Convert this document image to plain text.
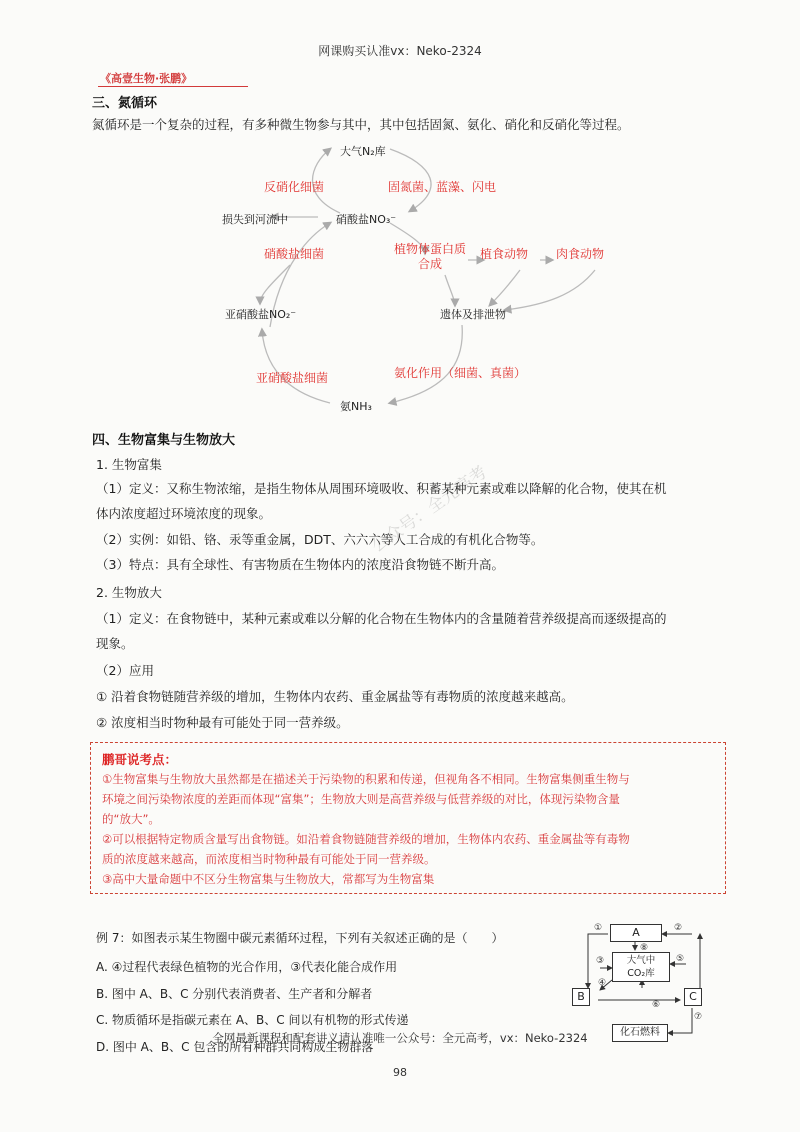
网课购买认准vx：Neko-2324
《高壹生物·张鹏》
三、氮循环
氮循环是一个复杂的过程，有多种微生物参与其中，其中包括固氮、氨化、硝化和反硝化等过程。
大气N₂库
反硝化细菌	固氮菌、蓝藻、闪电
损失到河流中	硝酸盐NO₃⁻
硝酸盐细菌	植物体蛋白质合成
植食动物 肉食动物
亚硝酸盐NO₂⁻	遗体及排泄物
亚硝酸盐细菌	氨化作用（细菌、真菌）
氨NH₃
四、生物富集与生物放大
1. 生物富集
（1）定义：又称生物浓缩，是指生物体从周围环境吸收、积蓄某种元素或难以降解的化合物，使其在机
体内浓度超过环境浓度的现象。
（2）实例：如铅、铬、汞等重金属，DDT、六六六等人工合成的有机化合物等。
（3）特点：具有全球性、有害物质在生物体内的浓度沿食物链不断升高。
2. 生物放大
（1）定义：在食物链中，某种元素或难以分解的化合物在生物体内的含量随着营养级提高而逐级提高的
现象。
（2）应用
① 沿着食物链随营养级的增加，生物体内农药、重金属盐等有毒物质的浓度越来越高。
② 浓度相当时物种最有可能处于同一营养级。
鹏哥说考点：
①生物富集与生物放大虽然都是在描述关于污染物的积累和传递，但视角各不相同。生物富集侧重生物与
环境之间污染物浓度的差距而体现“富集”；生物放大则是高营养级与低营养级的对比，体现污染物含量
的“放大”。
②可以根据特定物质含量写出食物链。如沿着食物链随营养级的增加，生物体内农药、重金属盐等有毒物
质的浓度越来越高，而浓度相当时物种最有可能处于同一营养级。
③高中大量命题中不区分生物富集与生物放大，常都写为生物富集
例 7：如图表示某生物圈中碳元素循环过程，下列有关叙述正确的是（　　）
A. ④过程代表绿色植物的光合作用，③代表化能合成作用
B. 图中 A、B、C 分别代表消费者、生产者和分解者
C. 物质循环是指碳元素在 A、B、C 间以有机物的形式传递
D. 图中 A、B、C 包含的所有种群共同构成生物群落
A
大气中
CO₂库
B	C
化石燃料
①	②
③
④
⑤
⑥
⑦
⑧
公众号：全元高考
全网最新课程和配套讲义请认准唯一公众号：全元高考，vx：Neko-2324
98
